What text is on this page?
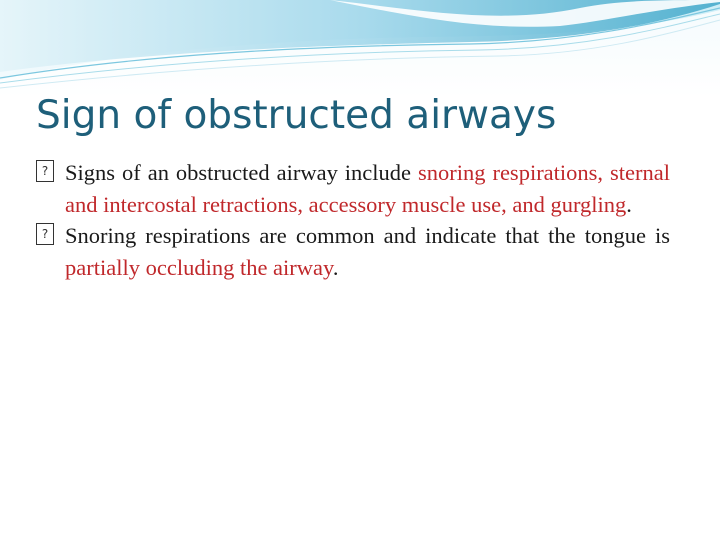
Sign of obstructed airways

? Signs of an obstructed airway include snoring respirations, sternal and intercostal retractions, accessory muscle use, and gurgling.

? Snoring respirations are common and indicate that the tongue is partially occluding the airway.
